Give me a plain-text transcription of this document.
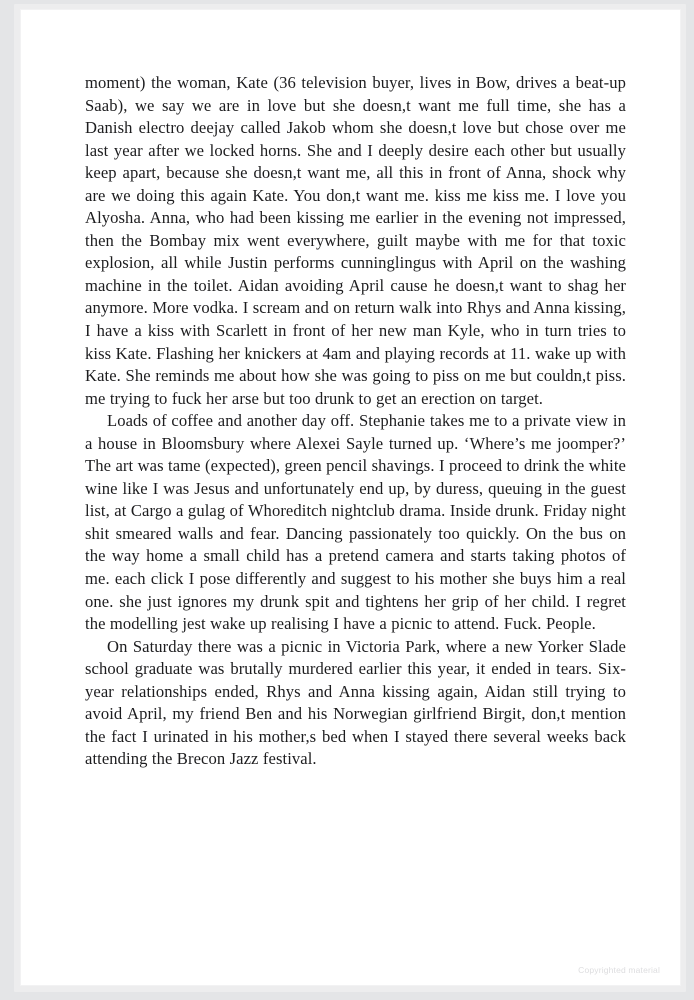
moment) the woman, Kate (36 television buyer, lives in Bow, drives a beat-up Saab), we say we are in love but she doesn,t want me full time, she has a Danish electro deejay called Jakob whom she doesn,t love but chose over me last year after we locked horns. She and I deeply desire each other but usually keep apart, because she doesn,t want me, all this in front of Anna, shock why are we doing this again Kate. You don,t want me. kiss me kiss me. I love you Alyosha. Anna, who had been kissing me earlier in the evening not impressed, then the Bombay mix went everywhere, guilt maybe with me for that toxic explosion, all while Justin performs cunninglingus with April on the washing machine in the toilet. Aidan avoiding April cause he doesn,t want to shag her anymore. More vodka. I scream and on return walk into Rhys and Anna kissing, I have a kiss with Scarlett in front of her new man Kyle, who in turn tries to kiss Kate. Flashing her knickers at 4am and playing records at 11. wake up with Kate. She reminds me about how she was going to piss on me but couldn,t piss. me trying to fuck her arse but too drunk to get an erection on target.

Loads of coffee and another day off. Stephanie takes me to a private view in a house in Bloomsbury where Alexei Sayle turned up. ‘Where’s me joomper?’ The art was tame (expected), green pencil shavings. I proceed to drink the white wine like I was Jesus and unfortunately end up, by duress, queuing in the guest list, at Cargo a gulag of Whoreditch nightclub drama. Inside drunk. Friday night shit smeared walls and fear. Dancing passionately too quickly. On the bus on the way home a small child has a pretend camera and starts taking photos of me. each click I pose differently and suggest to his mother she buys him a real one. she just ignores my drunk spit and tightens her grip of her child. I regret the modelling jest wake up realising I have a picnic to attend. Fuck. People.

On Saturday there was a picnic in Victoria Park, where a new Yorker Slade school graduate was brutally murdered earlier this year, it ended in tears. Six-year relationships ended, Rhys and Anna kissing again, Aidan still trying to avoid April, my friend Ben and his Norwegian girlfriend Birgit, don,t mention the fact I urinated in his mother,s bed when I stayed there several weeks back attending the Brecon Jazz festival.

Copyrighted material
